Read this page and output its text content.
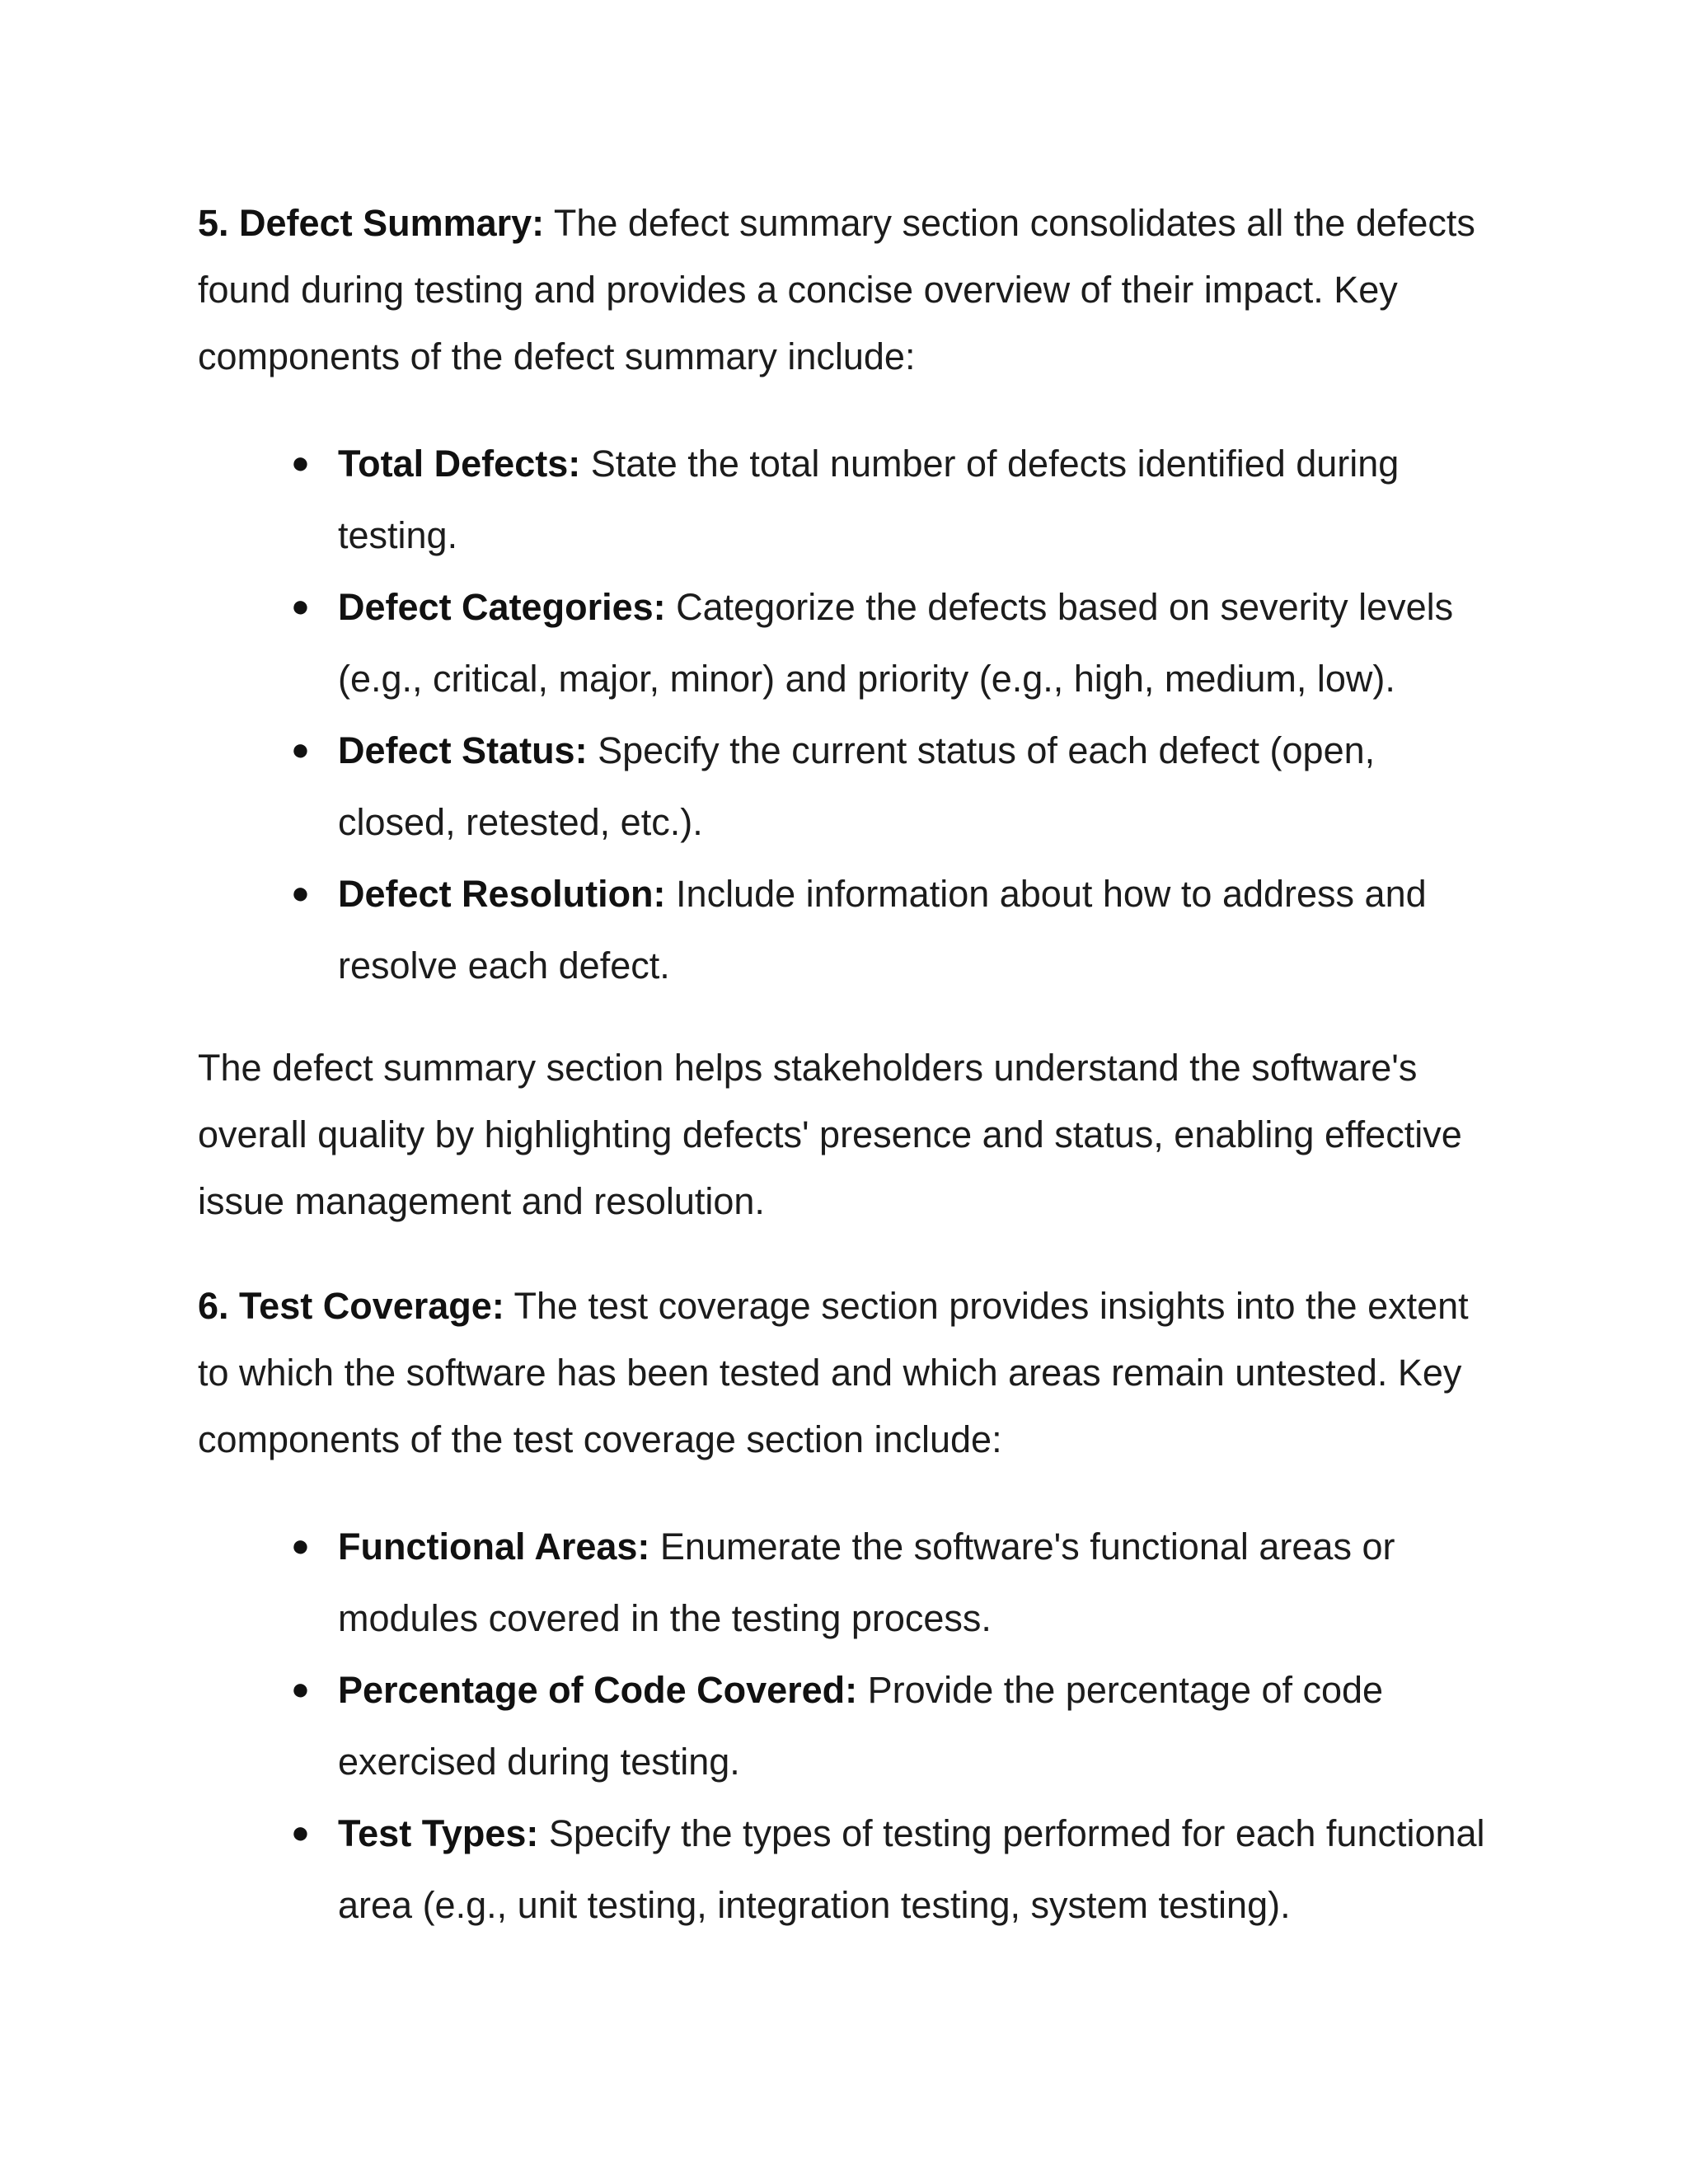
5. Defect Summary: The defect summary section consolidates all the defects found during testing and provides a concise overview of their impact. Key components of the defect summary include:

● Total Defects: State the total number of defects identified during testing.
● Defect Categories: Categorize the defects based on severity levels (e.g., critical, major, minor) and priority (e.g., high, medium, low).
● Defect Status: Specify the current status of each defect (open, closed, retested, etc.).
● Defect Resolution: Include information about how to address and resolve each defect.

The defect summary section helps stakeholders understand the software's overall quality by highlighting defects' presence and status, enabling effective issue management and resolution.

6. Test Coverage: The test coverage section provides insights into the extent to which the software has been tested and which areas remain untested. Key components of the test coverage section include:

● Functional Areas: Enumerate the software's functional areas or modules covered in the testing process.
● Percentage of Code Covered: Provide the percentage of code exercised during testing.
● Test Types: Specify the types of testing performed for each functional area (e.g., unit testing, integration testing, system testing).
